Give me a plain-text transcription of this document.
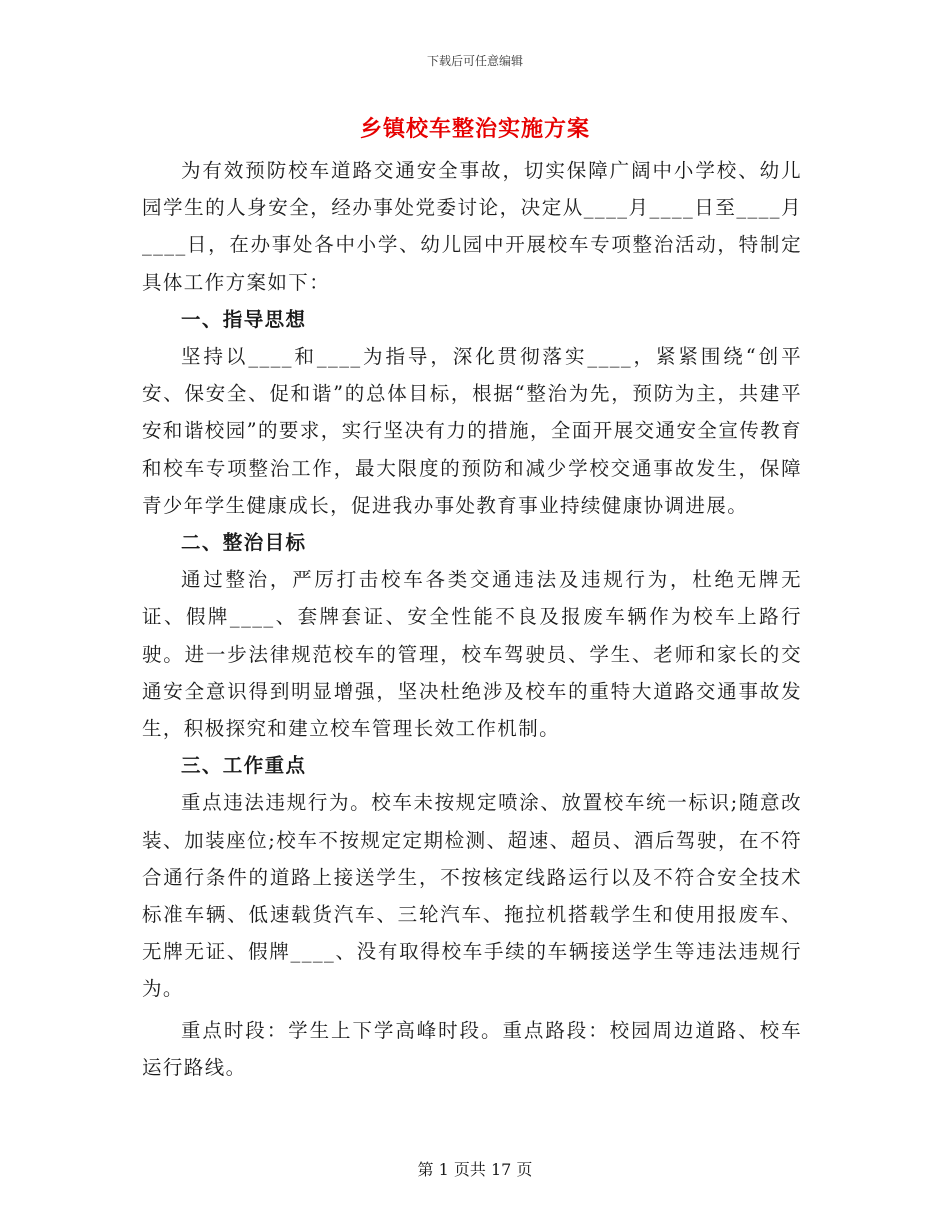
下载后可任意编辑
乡镇校车整治实施方案

为有效预防校车道路交通安全事故，切实保障广阔中小学校、幼儿园学生的人身安全，经办事处党委讨论，决定从____月____日至____月____日，在办事处各中小学、幼儿园中开展校车专项整治活动，特制定具体工作方案如下：

一、指导思想

坚持以____和____为指导，深化贯彻落实____，紧紧围绕“创平安、保安全、促和谐”的总体目标，根据“整治为先，预防为主，共建平安和谐校园”的要求，实行坚决有力的措施，全面开展交通安全宣传教育和校车专项整治工作，最大限度的预防和减少学校交通事故发生，保障青少年学生健康成长，促进我办事处教育事业持续健康协调进展。

二、整治目标

通过整治，严厉打击校车各类交通违法及违规行为，杜绝无牌无证、假牌____、套牌套证、安全性能不良及报废车辆作为校车上路行驶。进一步法律规范校车的管理，校车驾驶员、学生、老师和家长的交通安全意识得到明显增强，坚决杜绝涉及校车的重特大道路交通事故发生，积极探究和建立校车管理长效工作机制。

三、工作重点

重点违法违规行为。校车未按规定喷涂、放置校车统一标识;随意改装、加装座位;校车不按规定定期检测、超速、超员、酒后驾驶，在不符合通行条件的道路上接送学生，不按核定线路运行以及不符合安全技术标准车辆、低速载货汽车、三轮汽车、拖拉机搭载学生和使用报废车、无牌无证、假牌____、没有取得校车手续的车辆接送学生等违法违规行为。

重点时段：学生上下学高峰时段。重点路段：校园周边道路、校车运行路线。

第 1 页共 17 页
